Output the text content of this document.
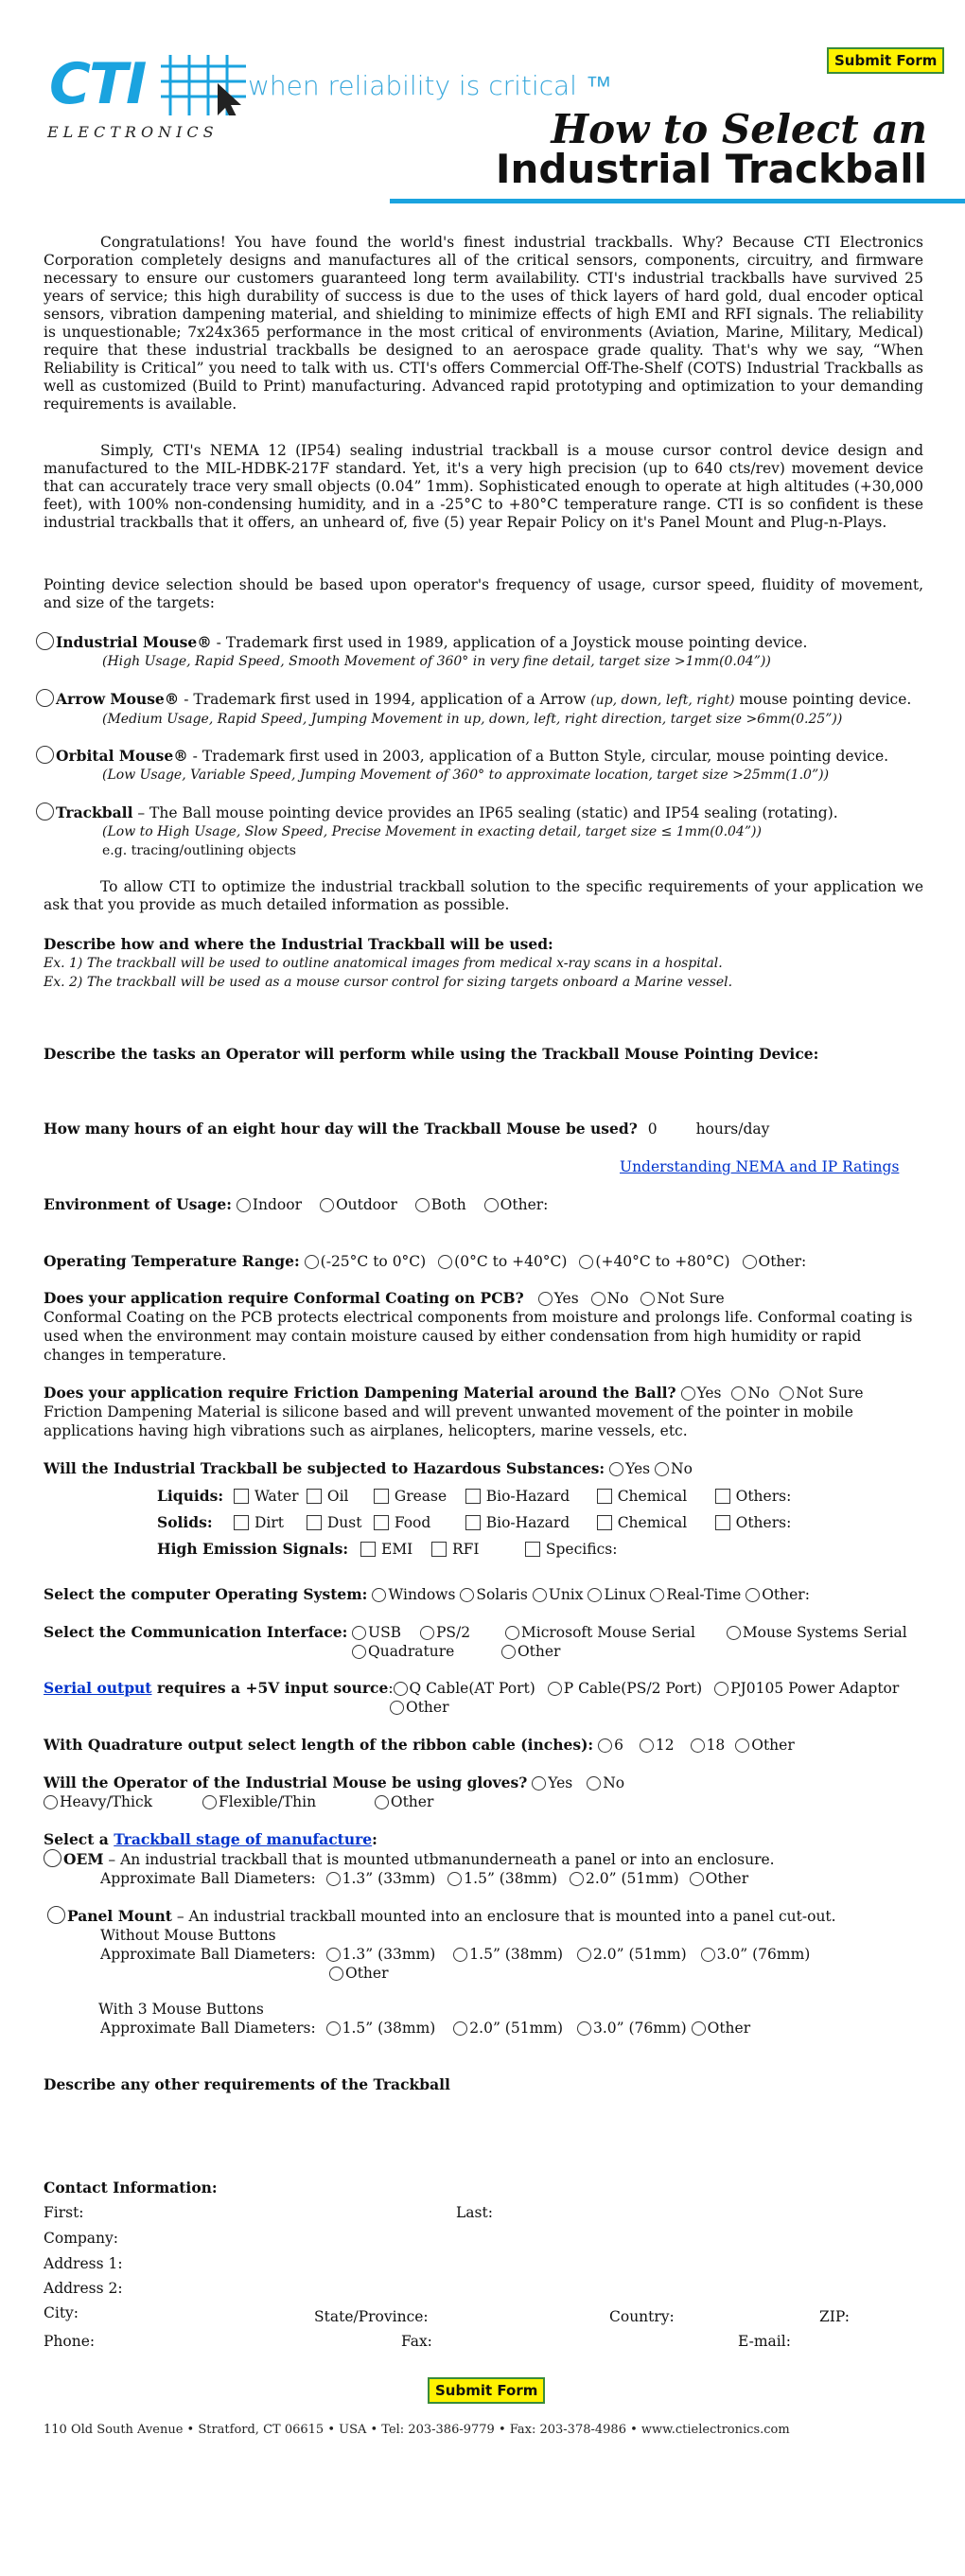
CTI
ELECTRONICS
when reliability is critical ™
Submit Form
How to Select an
Industrial Trackball
Congratulations! You have found the world's finest industrial trackballs. Why? Because CTI Electronics Corporation completely designs and manufactures all of the critical sensors, components, circuitry, and firmware necessary to ensure our customers guaranteed long term availability. CTI's industrial trackballs have survived 25 years of service; this high durability of success is due to the uses of thick layers of hard gold, dual encoder optical sensors, vibration dampening material, and shielding to minimize effects of high EMI and RFI signals. The reliability is unquestionable; 7x24x365 performance in the most critical of environments (Aviation, Marine, Military, Medical) require that these industrial trackballs be designed to an aerospace grade quality. That's why we say, “When Reliability is Critical” you need to talk with us. CTI's offers Commercial Off-The-Shelf (COTS) Industrial Trackballs as well as customized (Build to Print) manufacturing. Advanced rapid prototyping and optimization to your demanding requirements is available.
Simply, CTI's NEMA 12 (IP54) sealing industrial trackball is a mouse cursor control device design and manufactured to the MIL-HDBK-217F standard. Yet, it's a very high precision (up to 640 cts/rev) movement device that can accurately trace very small objects (0.04” 1mm). Sophisticated enough to operate at high altitudes (+30,000 feet), with 100% non-condensing humidity, and in a -25°C to +80°C temperature range. CTI is so confident is these industrial trackballs that it offers, an unheard of, five (5) year Repair Policy on it's Panel Mount and Plug-n-Plays.
Pointing device selection should be based upon operator's frequency of usage, cursor speed, fluidity of movement, and size of the targets:
Industrial Mouse® - Trademark first used in 1989, application of a Joystick mouse pointing device.
(High Usage, Rapid Speed, Smooth Movement of 360° in very fine detail, target size >1mm(0.04”))
Arrow Mouse® - Trademark first used in 1994, application of a Arrow (up, down, left, right) mouse pointing device.
(Medium Usage, Rapid Speed, Jumping Movement in up, down, left, right direction, target size >6mm(0.25”))
Orbital Mouse® - Trademark first used in 2003, application of a Button Style, circular, mouse pointing device.
(Low Usage, Variable Speed, Jumping Movement of 360° to approximate location, target size >25mm(1.0”))
Trackball – The Ball mouse pointing device provides an IP65 sealing (static) and IP54 sealing (rotating).
(Low to High Usage, Slow Speed, Precise Movement in exacting detail, target size ≤ 1mm(0.04”))
e.g. tracing/outlining objects
To allow CTI to optimize the industrial trackball solution to the specific requirements of your application we ask that you provide as much detailed information as possible.
Describe how and where the Industrial Trackball will be used:
Ex. 1) The trackball will be used to outline anatomical images from medical x-ray scans in a hospital.
Ex. 2) The trackball will be used as a mouse cursor control for sizing targets onboard a Marine vessel.
Describe the tasks an Operator will perform while using the Trackball Mouse Pointing Device:
How many hours of an eight hour day will the Trackball Mouse be used? 0	hours/day
Understanding NEMA and IP Ratings
Environment of Usage: Indoor Outdoor Both Other:
Operating Temperature Range: (-25°C to 0°C) (0°C to +40°C) (+40°C to +80°C) Other:
Does your application require Conformal Coating on PCB? Yes No Not Sure
Conformal Coating on the PCB protects electrical components from moisture and prolongs life. Conformal coating is used when the environment may contain moisture caused by either condensation from high humidity or rapid changes in temperature.
Does your application require Friction Dampening Material around the Ball? Yes No Not Sure
Friction Dampening Material is silicone based and will prevent unwanted movement of the pointer in mobile applications having high vibrations such as airplanes, helicopters, marine vessels, etc.
Will the Industrial Trackball be subjected to Hazardous Substances: Yes No
Liquids: Water Oil	Grease	Bio-Hazard	Chemical	Others:
Solids:	Dirt	Dust Food	Bio-Hazard	Chemical	Others:
High Emission Signals: EMI	RFI	Specifics:
Select the computer Operating System: Windows Solaris Unix Linux Real-Time Other:
Select the Communication Interface:	USB PS/2	Microsoft Mouse Serial	Mouse Systems Serial
Quadrature	Other
Serial output requires a +5V input source: Q Cable(AT Port) P Cable(PS/2 Port) PJ0105 Power Adaptor
Other
With Quadrature output select length of the ribbon cable (inches): 6 12 18 Other
Will the Operator of the Industrial Mouse be using gloves? Yes No
Heavy/Thick	Flexible/Thin	Other
Select a Trackball stage of manufacture:
OEM – An industrial trackball that is mounted utbmanunderneath a panel or into an enclosure.
Approximate Ball Diameters: 1.3” (33mm) 1.5” (38mm) 2.0” (51mm) Other
Panel Mount – An industrial trackball mounted into an enclosure that is mounted into a panel cut-out.
Without Mouse Buttons
Approximate Ball Diameters: 1.3” (33mm) 1.5” (38mm) 2.0” (51mm) 3.0” (76mm)
Other
With 3 Mouse Buttons
Approximate Ball Diameters: 1.5” (38mm) 2.0” (51mm) 3.0” (76mm) Other
Describe any other requirements of the Trackball
Contact Information:
First:	Last:
Company:
Address 1:
Address 2:
City:	State/Province:	Country:	ZIP:
Phone:	Fax:	E-mail:
Submit Form
110 Old South Avenue • Stratford, CT 06615 • USA • Tel: 203-386-9779 • Fax: 203-378-4986 • www.ctielectronics.com
